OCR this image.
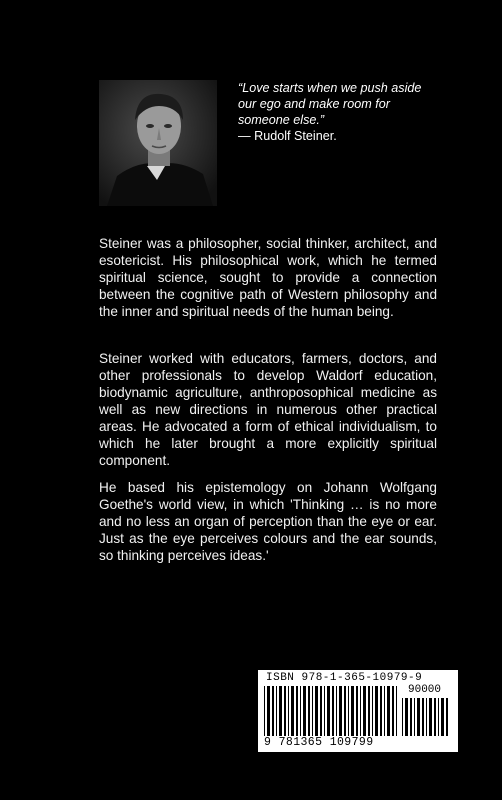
“Love starts when we push aside our ego and make room for someone else.”
― Rudolf Steiner.
Steiner was a philosopher, social thinker, architect, and esotericist. His philosophical work, which he termed spiritual science, sought to provide a connection between the cognitive path of Western philosophy and the inner and spiritual needs of the human being.
Steiner worked with educators, farmers, doctors, and other professionals to develop Waldorf education, biodynamic agriculture, anthroposophical medicine as well as new directions in numerous other practical areas. He advocated a form of ethical individualism, to which he later brought a more explicitly spiritual component.
He based his epistemology on Johann Wolfgang Goethe's world view, in which 'Thinking … is no more and no less an organ of perception than the eye or ear. Just as the eye perceives colours and the ear sounds, so thinking perceives ideas.'
ISBN 978-1-365-10979-9
90000
9 781365 109799
